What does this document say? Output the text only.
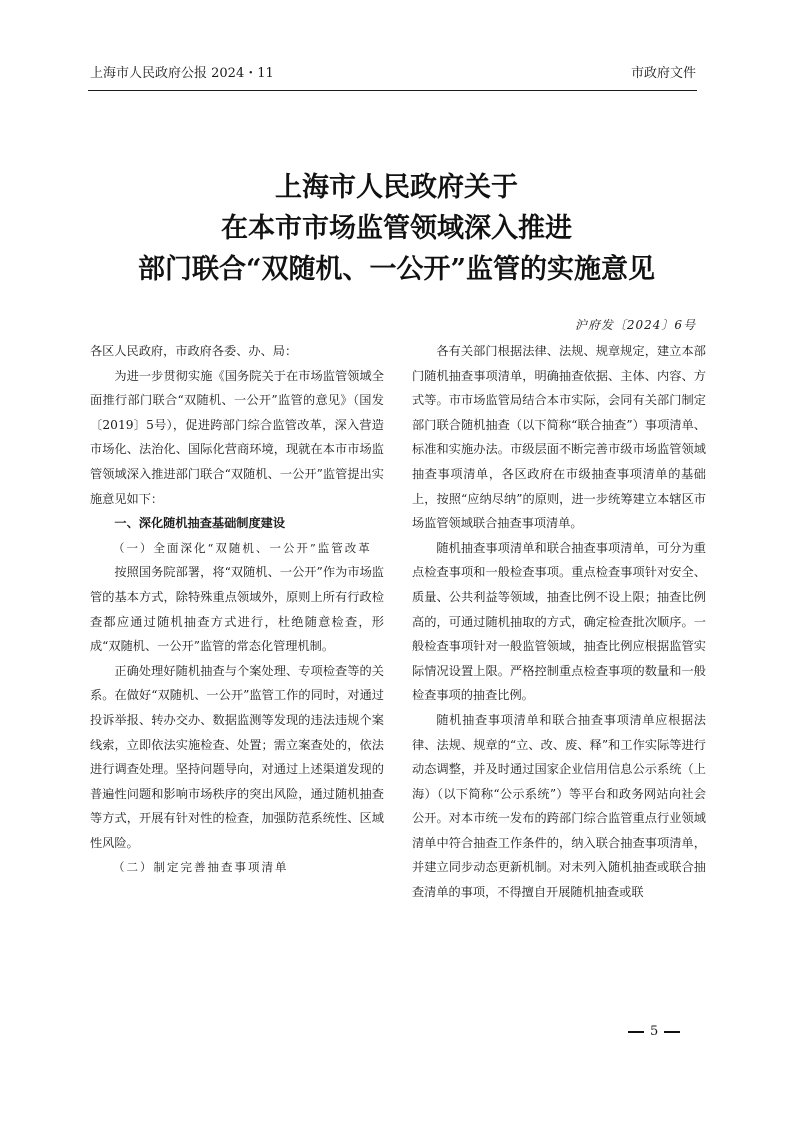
上海市人民政府公报 2024・11	市政府文件
上海市人民政府关于
在本市市场监管领域深入推进
部门联合“双随机、一公开”监管的实施意见
沪府发〔2024〕6号

各区人民政府，市政府各委、办、局：

为进一步贯彻实施《国务院关于在市场监管领域全面推行部门联合“双随机、一公开”监管的意见》（国发〔2019〕5号），促进跨部门综合监管改革，深入营造市场化、法治化、国际化营商环境，现就在本市市场监管领域深入推进部门联合“双随机、一公开”监管提出实施意见如下：

一、深化随机抽查基础制度建设

（一）全面深化“双随机、一公开”监管改革

按照国务院部署，将“双随机、一公开”作为市场监管的基本方式，除特殊重点领域外，原则上所有行政检查都应通过随机抽查方式进行，杜绝随意检查，形成“双随机、一公开”监管的常态化管理机制。

正确处理好随机抽查与个案处理、专项检查等的关系。在做好“双随机、一公开”监管工作的同时，对通过投诉举报、转办交办、数据监测等发现的违法违规个案线索，立即依法实施检查、处置；需立案查处的，依法进行调查处理。坚持问题导向，对通过上述渠道发现的普遍性问题和影响市场秩序的突出风险，通过随机抽查等方式，开展有针对性的检查，加强防范系统性、区域性风险。

（二）制定完善抽查事项清单

各有关部门根据法律、法规、规章规定，建立本部门随机抽查事项清单，明确抽查依据、主体、内容、方式等。市市场监管局结合本市实际，会同有关部门制定部门联合随机抽查（以下简称“联合抽查”）事项清单、标准和实施办法。市级层面不断完善市级市场监管领域抽查事项清单，各区政府在市级抽查事项清单的基础上，按照“应纳尽纳”的原则，进一步统筹建立本辖区市场监管领域联合抽查事项清单。

随机抽查事项清单和联合抽查事项清单，可分为重点检查事项和一般检查事项。重点检查事项针对安全、质量、公共利益等领域，抽查比例不设上限；抽查比例高的，可通过随机抽取的方式，确定检查批次顺序。一般检查事项针对一般监管领域，抽查比例应根据监管实际情况设置上限。严格控制重点检查事项的数量和一般检查事项的抽查比例。

随机抽查事项清单和联合抽查事项清单应根据法律、法规、规章的“立、改、废、释”和工作实际等进行动态调整，并及时通过国家企业信用信息公示系统（上海）（以下简称“公示系统”）等平台和政务网站向社会公开。对本市统一发布的跨部门综合监管重点行业领域清单中符合抽查工作条件的，纳入联合抽查事项清单，并建立同步动态更新机制。对未列入随机抽查或联合抽查清单的事项，不得擅自开展随机抽查或联

5
